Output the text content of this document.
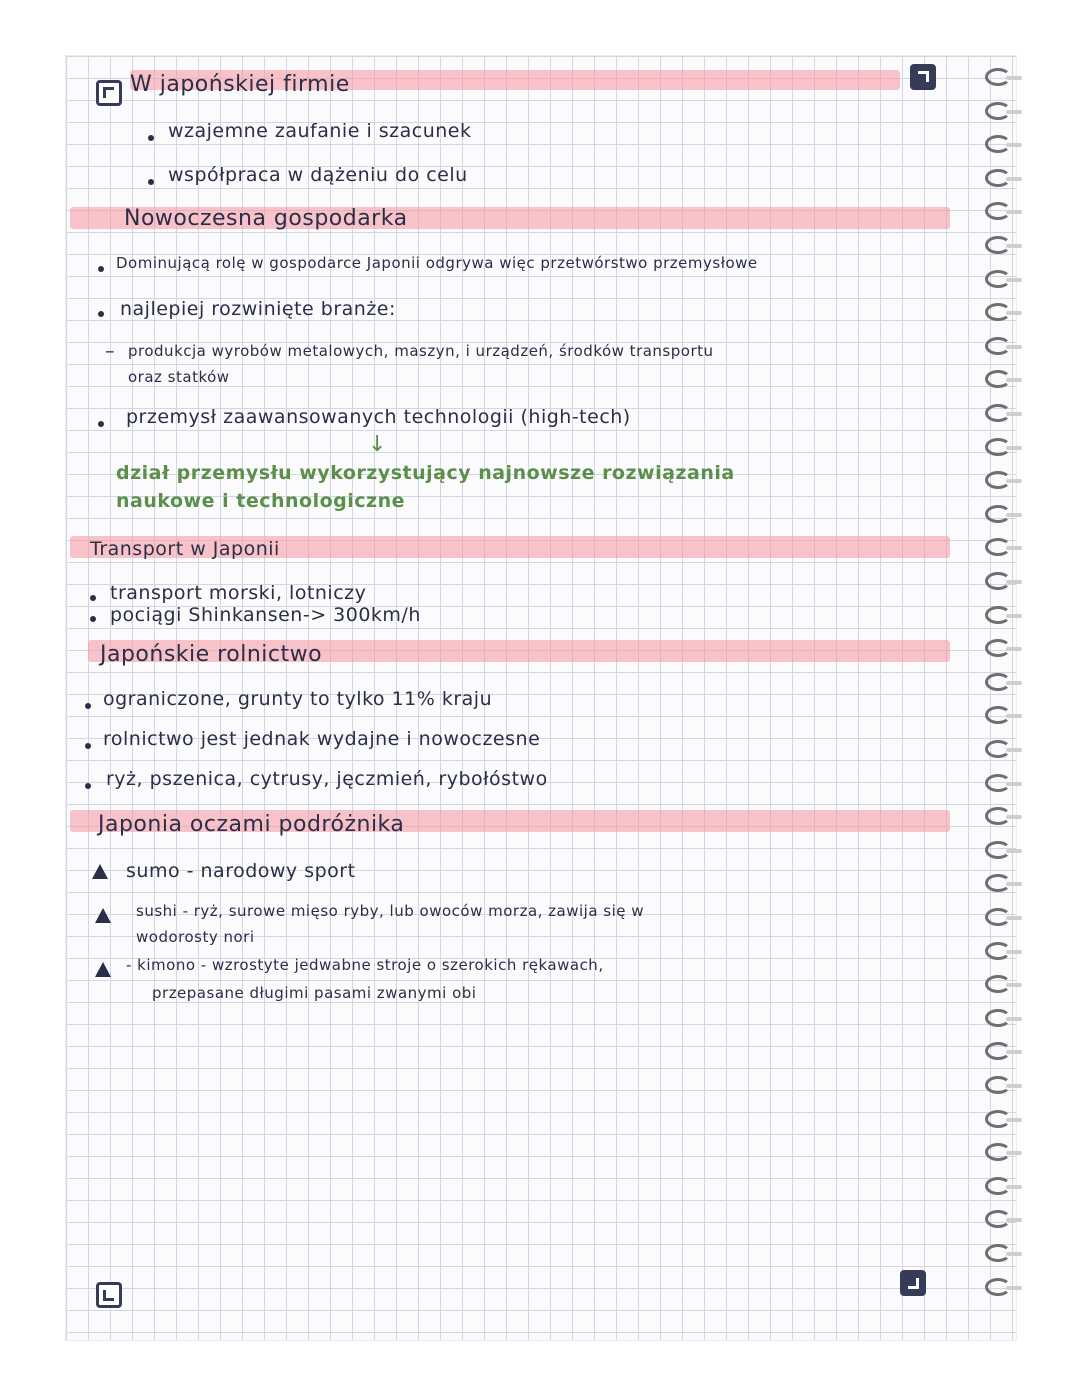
W japońskiej firmie
wzajemne zaufanie i szacunek
współpraca w dążeniu do celu
Nowoczesna gospodarka
Dominującą rolę w gospodarce Japonii odgrywa więc przetwórstwo przemysłowe
najlepiej rozwinięte branże:
– produkcja wyrobów metalowych, maszyn, i urządzeń, środków transportu
oraz statków
przemysł zaawansowanych technologii (high-tech)
↓
dział przemysłu wykorzystujący najnowsze rozwiązania
naukowe i technologiczne
Transport w Japonii
transport morski, lotniczy
pociągi Shinkansen-> 300km/h
Japońskie rolnictwo
ograniczone, grunty to tylko 11% kraju
rolnictwo jest jednak wydajne i nowoczesne
ryż, pszenica, cytrusy, jęczmień, rybołóstwo
Japonia oczami podróżnika
sumo - narodowy sport
sushi - ryż, surowe mięso ryby, lub owoców morza, zawija się w
wodorosty nori
- kimono - wzrostyte jedwabne stroje o szerokich rękawach,
przepasane długimi pasami zwanymi obi
